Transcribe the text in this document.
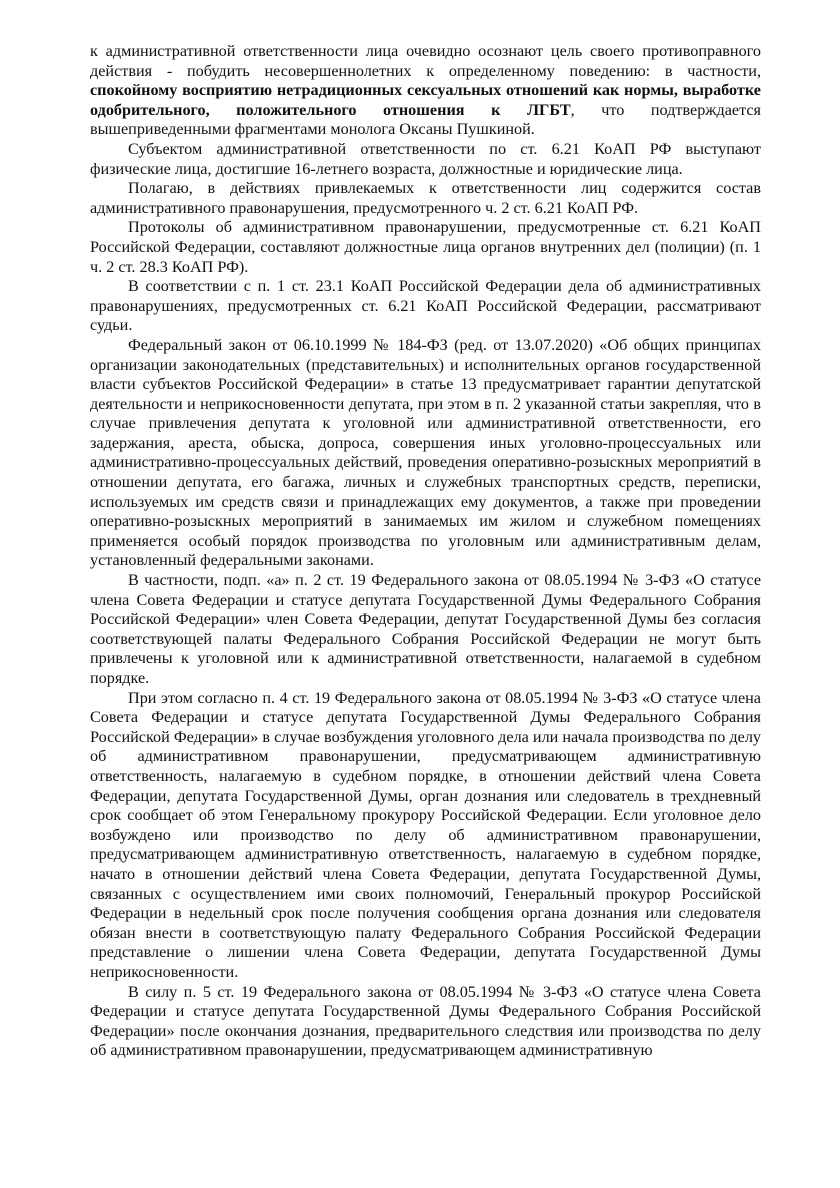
к административной ответственности лица очевидно осознают цель своего противоправного действия - побудить несовершеннолетних к определенному поведению: в частности, спокойному восприятию нетрадиционных сексуальных отношений как нормы, выработке одобрительного, положительного отношения к ЛГБТ, что подтверждается вышеприведенными фрагментами монолога Оксаны Пушкиной.

Субъектом административной ответственности по ст. 6.21 КоАП РФ выступают физические лица, достигшие 16-летнего возраста, должностные и юридические лица.

Полагаю, в действиях привлекаемых к ответственности лиц содержится состав административного правонарушения, предусмотренного ч. 2 ст. 6.21 КоАП РФ.

Протоколы об административном правонарушении, предусмотренные ст. 6.21 КоАП Российской Федерации, составляют должностные лица органов внутренних дел (полиции) (п. 1 ч. 2 ст. 28.3 КоАП РФ).

В соответствии с п. 1 ст. 23.1 КоАП Российской Федерации дела об административных правонарушениях, предусмотренных ст. 6.21 КоАП Российской Федерации, рассматривают судьи.

Федеральный закон от 06.10.1999 № 184-ФЗ (ред. от 13.07.2020) «Об общих принципах организации законодательных (представительных) и исполнительных органов государственной власти субъектов Российской Федерации» в статье 13 предусматривает гарантии депутатской деятельности и неприкосновенности депутата, при этом в п. 2 указанной статьи закрепляя, что в случае привлечения депутата к уголовной или административной ответственности, его задержания, ареста, обыска, допроса, совершения иных уголовно-процессуальных или административно-процессуальных действий, проведения оперативно-розыскных мероприятий в отношении депутата, его багажа, личных и служебных транспортных средств, переписки, используемых им средств связи и принадлежащих ему документов, а также при проведении оперативно-розыскных мероприятий в занимаемых им жилом и служебном помещениях применяется особый порядок производства по уголовным или административным делам, установленный федеральными законами.

В частности, подп. «а» п. 2 ст. 19 Федерального закона от 08.05.1994 № 3-ФЗ «О статусе члена Совета Федерации и статусе депутата Государственной Думы Федерального Собрания Российской Федерации» член Совета Федерации, депутат Государственной Думы без согласия соответствующей палаты Федерального Собрания Российской Федерации не могут быть привлечены к уголовной или к административной ответственности, налагаемой в судебном порядке.

При этом согласно п. 4 ст. 19 Федерального закона от 08.05.1994 № 3-ФЗ «О статусе члена Совета Федерации и статусе депутата Государственной Думы Федерального Собрания Российской Федерации» в случае возбуждения уголовного дела или начала производства по делу об административном правонарушении, предусматривающем административную ответственность, налагаемую в судебном порядке, в отношении действий члена Совета Федерации, депутата Государственной Думы, орган дознания или следователь в трехдневный срок сообщает об этом Генеральному прокурору Российской Федерации. Если уголовное дело возбуждено или производство по делу об административном правонарушении, предусматривающем административную ответственность, налагаемую в судебном порядке, начато в отношении действий члена Совета Федерации, депутата Государственной Думы, связанных с осуществлением ими своих полномочий, Генеральный прокурор Российской Федерации в недельный срок после получения сообщения органа дознания или следователя обязан внести в соответствующую палату Федерального Собрания Российской Федерации представление о лишении члена Совета Федерации, депутата Государственной Думы неприкосновенности.

В силу п. 5 ст. 19 Федерального закона от 08.05.1994 № 3-ФЗ «О статусе члена Совета Федерации и статусе депутата Государственной Думы Федерального Собрания Российской Федерации» после окончания дознания, предварительного следствия или производства по делу об административном правонарушении, предусматривающем административную
